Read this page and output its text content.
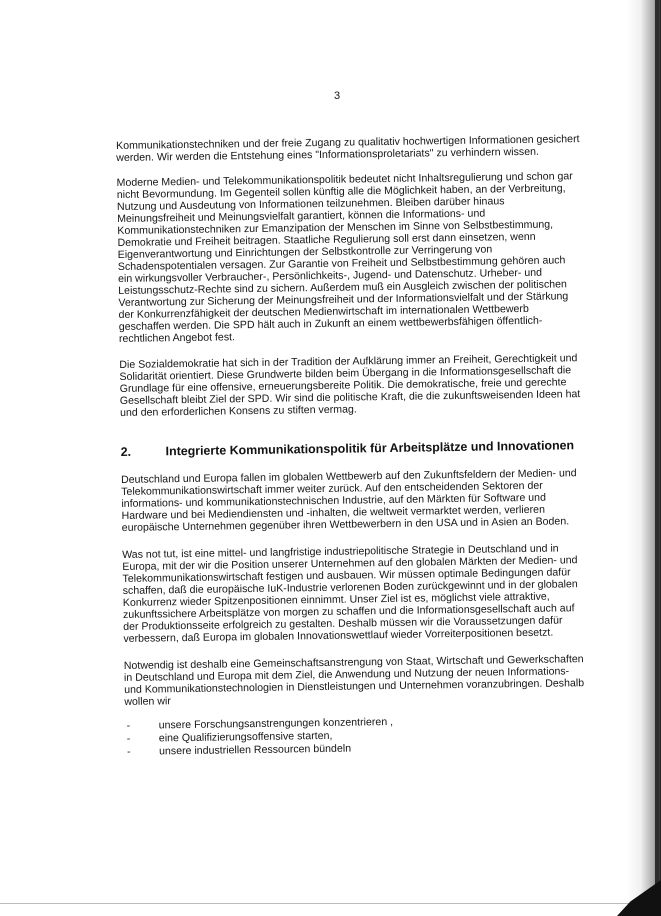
3

Kommunikationstechniken und der freie Zugang zu qualitativ hochwertigen Informationen gesichert werden. Wir werden die Entstehung eines "Informationsproletariats" zu verhindern wissen.

Moderne Medien- und Telekommunikationspolitik bedeutet nicht Inhaltsregulierung und schon gar nicht Bevormundung. Im Gegenteil sollen künftig alle die Möglichkeit haben, an der Verbreitung, Nutzung und Ausdeutung von Informationen teilzunehmen. Bleiben darüber hinaus Meinungsfreiheit und Meinungsvielfalt garantiert, können die Informations- und Kommunikationstechniken zur Emanzipation der Menschen im Sinne von Selbstbestimmung, Demokratie und Freiheit beitragen. Staatliche Regulierung soll erst dann einsetzen, wenn Eigenverantwortung und Einrichtungen der Selbstkontrolle zur Verringerung von Schadenspotentialen versagen. Zur Garantie von Freiheit und Selbstbestimmung gehören auch ein wirkungsvoller Verbraucher-, Persönlichkeits-, Jugend- und Datenschutz. Urheber- und Leistungsschutz-Rechte sind zu sichern. Außerdem muß ein Ausgleich zwischen der politischen Verantwortung zur Sicherung der Meinungsfreiheit und der Informationsvielfalt und der Stärkung der Konkurrenzfähigkeit der deutschen Medienwirtschaft im internationalen Wettbewerb geschaffen werden. Die SPD hält auch in Zukunft an einem wettbewerbsfähigen öffentlich-rechtlichen Angebot fest.

Die Sozialdemokratie hat sich in der Tradition der Aufklärung immer an Freiheit, Gerechtigkeit und Solidarität orientiert. Diese Grundwerte bilden beim Übergang in die Informationsgesellschaft die Grundlage für eine offensive, erneuerungsbereite Politik. Die demokratische, freie und gerechte Gesellschaft bleibt Ziel der SPD. Wir sind die politische Kraft, die die zukunftsweisenden Ideen hat und den erforderlichen Konsens zu stiften vermag.

2.	Integrierte Kommunikationspolitik für Arbeitsplätze und Innovationen

Deutschland und Europa fallen im globalen Wettbewerb auf den Zukunftsfeldern der Medien- und Telekommunikationswirtschaft immer weiter zurück. Auf den entscheidenden Sektoren der informations- und kommunikationstechnischen Industrie, auf den Märkten für Software und Hardware und bei Mediendiensten und -inhalten, die weltweit vermarktet werden, verlieren europäische Unternehmen gegenüber ihren Wettbewerbern in den USA und in Asien an Boden.

Was not tut, ist eine mittel- und langfristige industriepolitische Strategie in Deutschland und in Europa, mit der wir die Position unserer Unternehmen auf den globalen Märkten der Medien- und Telekommunikationswirtschaft festigen und ausbauen. Wir müssen optimale Bedingungen dafür schaffen, daß die europäische IuK-Industrie verlorenen Boden zurückgewinnt und in der globalen Konkurrenz wieder Spitzenpositionen einnimmt. Unser Ziel ist es, möglichst viele attraktive, zukunftssichere Arbeitsplätze von morgen zu schaffen und die Informationsgesellschaft auch auf der Produktionsseite erfolgreich zu gestalten. Deshalb müssen wir die Voraussetzungen dafür verbessern, daß Europa im globalen Innovationswettlauf wieder Vorreiterpositionen besetzt.

Notwendig ist deshalb eine Gemeinschaftsanstrengung von Staat, Wirtschaft und Gewerkschaften in Deutschland und Europa mit dem Ziel, die Anwendung und Nutzung der neuen Informations- und Kommunikationstechnologien in Dienstleistungen und Unternehmen voranzubringen. Deshalb wollen wir

-	unsere Forschungsanstrengungen konzentrieren ,
-	eine Qualifizierungsoffensive starten,
-	unsere industriellen Ressourcen bündeln
